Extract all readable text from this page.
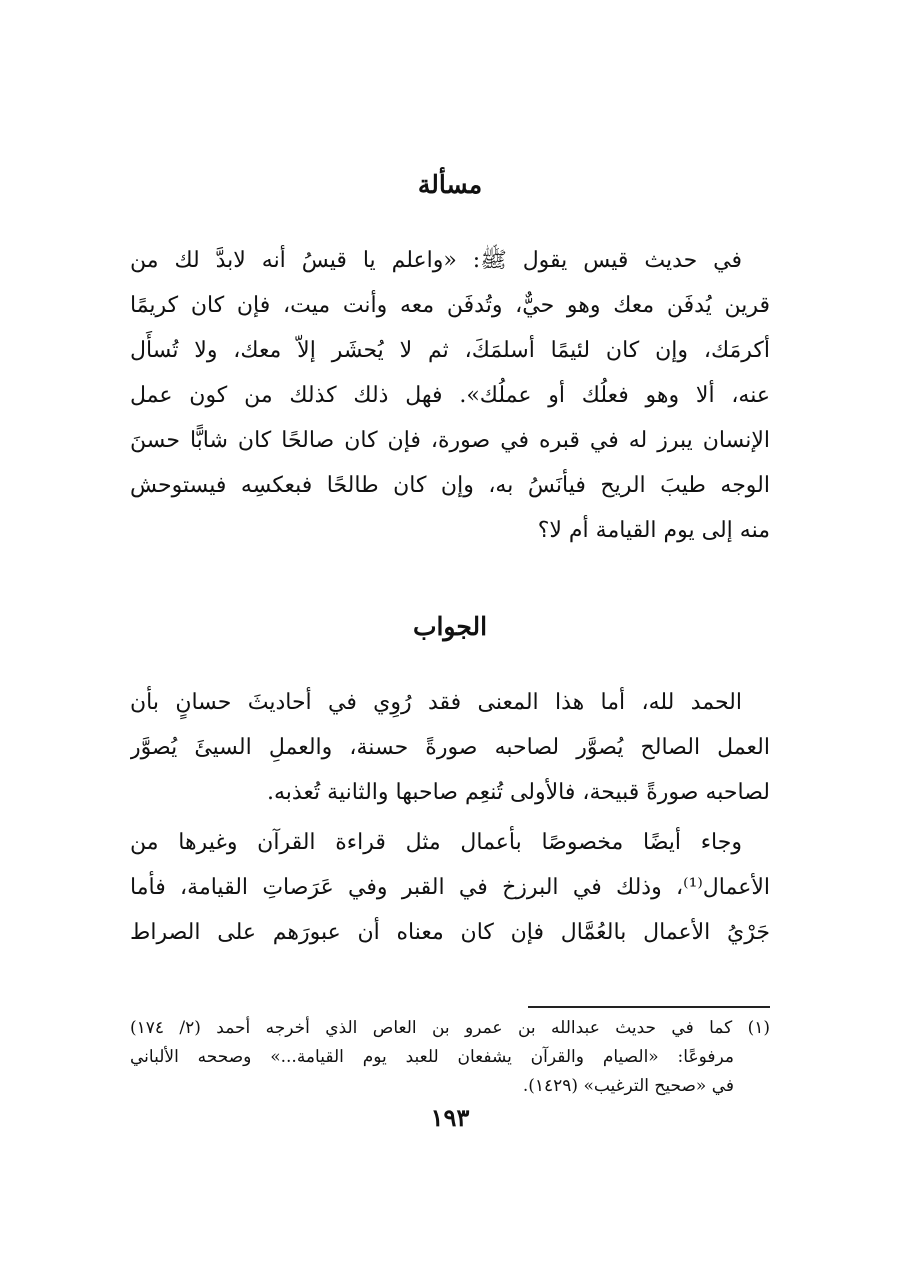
مسألة
في حديث قيس يقول ﷺ: «واعلم يا قيسُ أنه لابدَّ لك من
قرين يُدفَن معك وهو حيٌّ، وتُدفَن معه وأنت ميت، فإن كان كريمًا
أكرمَك، وإن كان لئيمًا أسلمَكَ، ثم لا يُحشَر إلاّ معك، ولا تُسأَل
عنه، ألا وهو فعلُك أو عملُك». فهل ذلك كذلك من كون عمل
الإنسان يبرز له في قبره في صورة، فإن كان صالحًا كان شابًّا حسنَ
الوجه طيبَ الريح فيأنَسُ به، وإن كان طالحًا فبعكسِه فيستوحش
منه إلى يوم القيامة أم لا؟
الجواب
الحمد لله، أما هذا المعنى فقد رُوِي في أحاديثَ حسانٍ بأن
العمل الصالح يُصوَّر لصاحبه صورةً حسنة، والعملِ السيئَ يُصوَّر
لصاحبه صورةً قبيحة، فالأولى تُنعِم صاحبها والثانية تُعذبه.
وجاء أيضًا مخصوصًا بأعمال مثل قراءة القرآن وغيرها من
الأعمال⁽¹⁾، وذلك في البرزخ في القبر وفي عَرَصاتِ القيامة، فأما
جَرْيُ الأعمال بالعُمَّال فإن كان معناه أن عبورَهم على الصراط
(١) كما في حديث عبدالله بن عمرو بن العاص الذي أخرجه أحمد (٢/ ١٧٤)
مرفوعًا: «الصيام والقرآن يشفعان للعبد يوم القيامة...» وصححه الألباني
في «صحيح الترغيب» (١٤٢٩).
١٩٣
